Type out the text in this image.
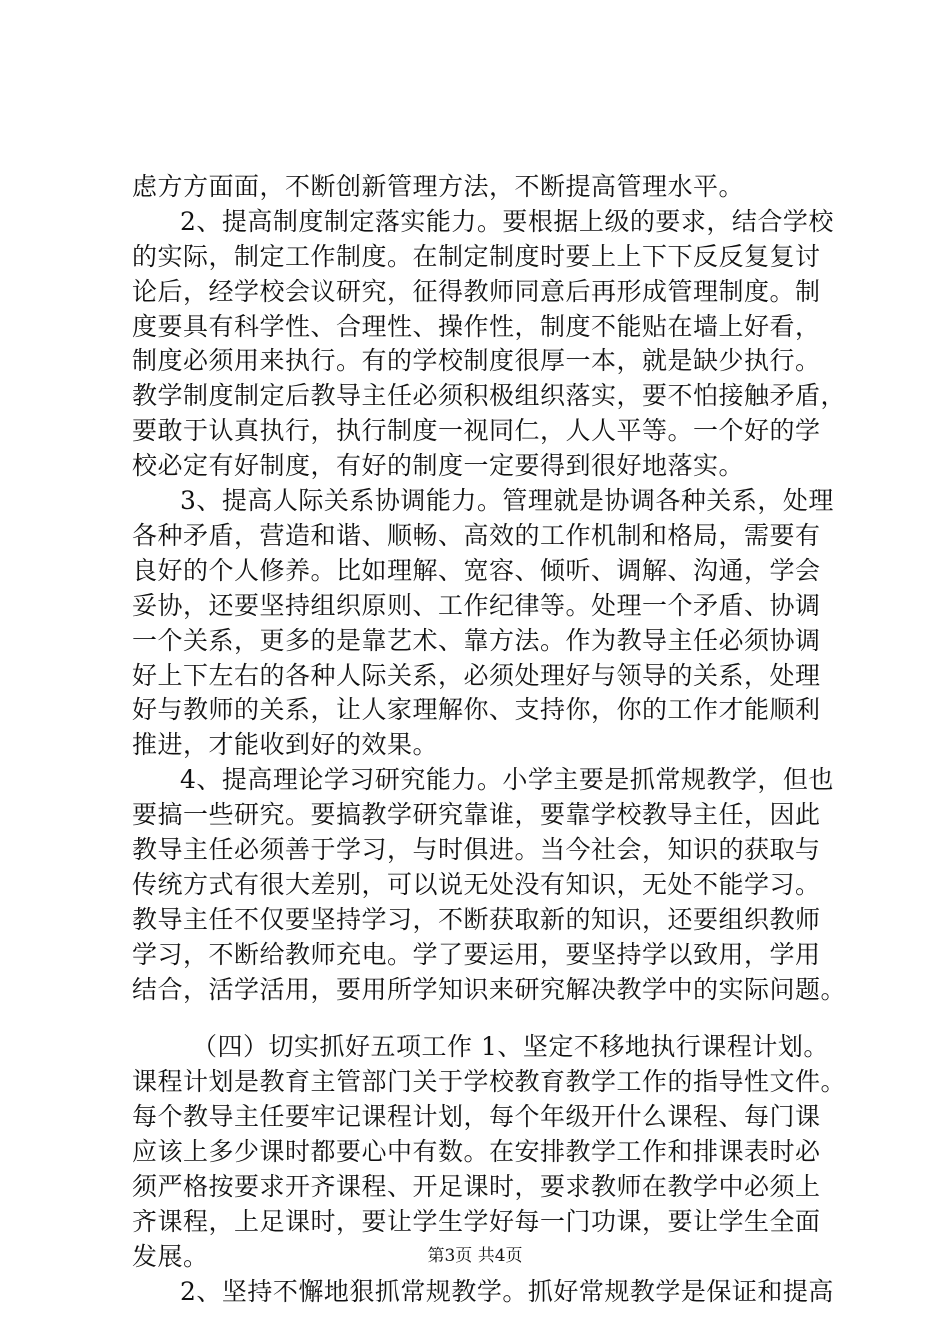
虑方方面面，不断创新管理方法，不断提高管理水平。
2、提高制度制定落实能力。要根据上级的要求，结合学校
的实际，制定工作制度。在制定制度时要上上下下反反复复讨
论后，经学校会议研究，征得教师同意后再形成管理制度。制
度要具有科学性、合理性、操作性，制度不能贴在墙上好看，
制度必须用来执行。有的学校制度很厚一本，就是缺少执行。
教学制度制定后教导主任必须积极组织落实，要不怕接触矛盾，
要敢于认真执行，执行制度一视同仁，人人平等。一个好的学
校必定有好制度，有好的制度一定要得到很好地落实。
3、提高人际关系协调能力。管理就是协调各种关系，处理
各种矛盾，营造和谐、顺畅、高效的工作机制和格局，需要有
良好的个人修养。比如理解、宽容、倾听、调解、沟通，学会
妥协，还要坚持组织原则、工作纪律等。处理一个矛盾、协调
一个关系，更多的是靠艺术、靠方法。作为教导主任必须协调
好上下左右的各种人际关系，必须处理好与领导的关系，处理
好与教师的关系，让人家理解你、支持你，你的工作才能顺利
推进，才能收到好的效果。
4、提高理论学习研究能力。小学主要是抓常规教学，但也
要搞一些研究。要搞教学研究靠谁，要靠学校教导主任，因此
教导主任必须善于学习，与时俱进。当今社会，知识的获取与
传统方式有很大差别，可以说无处没有知识，无处不能学习。
教导主任不仅要坚持学习，不断获取新的知识，还要组织教师
学习，不断给教师充电。学了要运用，要坚持学以致用，学用
结合，活学活用，要用所学知识来研究解决教学中的实际问题。
（四）切实抓好五项工作 1、坚定不移地执行课程计划。
课程计划是教育主管部门关于学校教育教学工作的指导性文件。
每个教导主任要牢记课程计划，每个年级开什么课程、每门课
应该上多少课时都要心中有数。在安排教学工作和排课表时必
须严格按要求开齐课程、开足课时，要求教师在教学中必须上
齐课程，上足课时，要让学生学好每一门功课，要让学生全面
发展。
2、坚持不懈地狠抓常规教学。抓好常规教学是保证和提高
第3页 共4页
